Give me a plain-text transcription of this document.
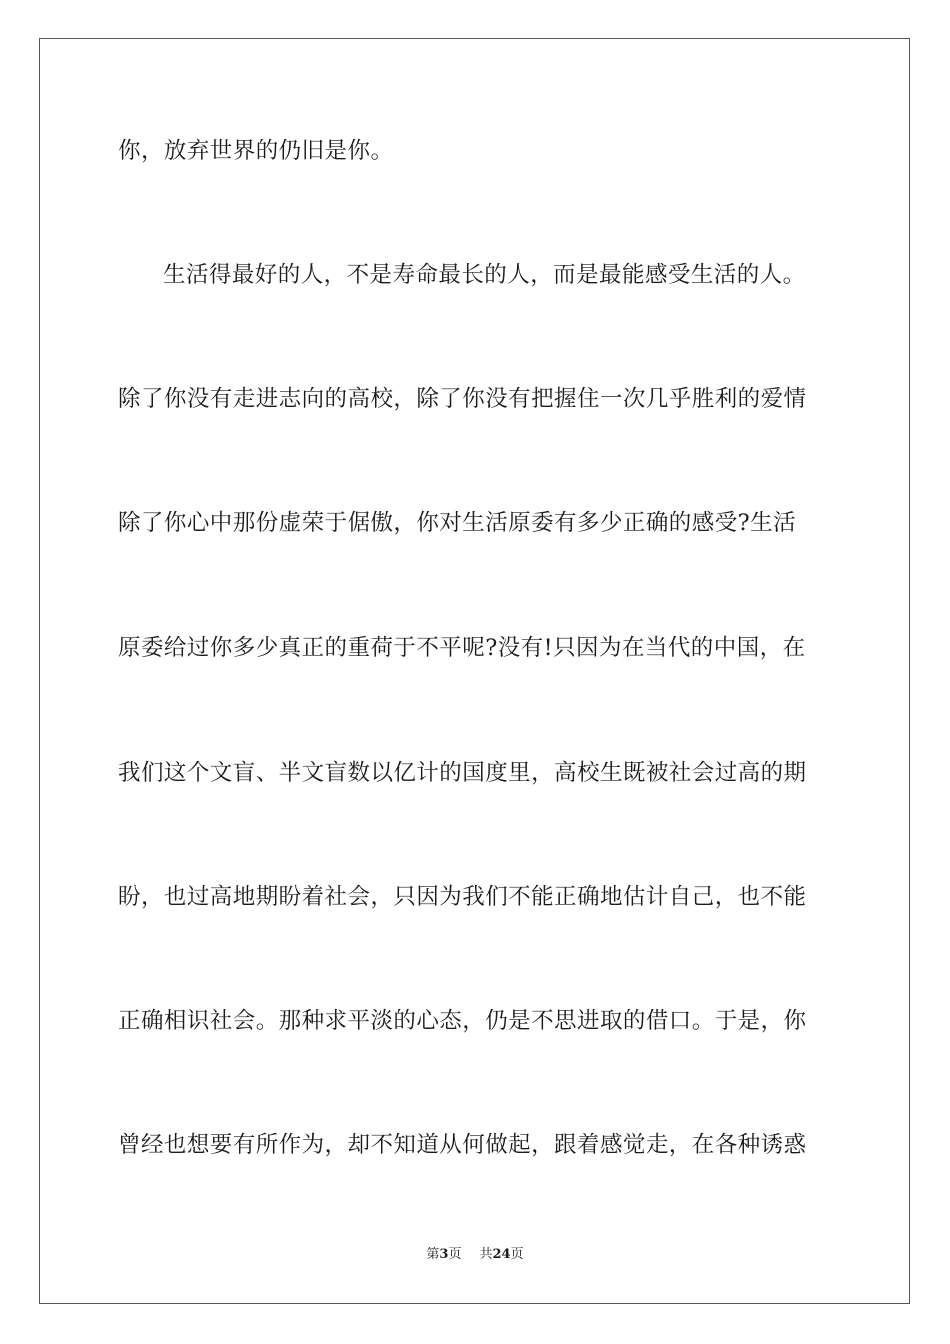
你，放弃世界的仍旧是你。

生活得最好的人，不是寿命最长的人，而是最能感受生活的人。

除了你没有走进志向的高校，除了你没有把握住一次几乎胜利的爱情

除了你心中那份虚荣于倨傲，你对生活原委有多少正确的感受?生活

原委给过你多少真正的重荷于不平呢?没有!只因为在当代的中国，在

我们这个文盲、半文盲数以亿计的国度里，高校生既被社会过高的期

盼，也过高地期盼着社会，只因为我们不能正确地估计自己，也不能

正确相识社会。那种求平淡的心态，仍是不思进取的借口。于是，你

曾经也想要有所作为，却不知道从何做起，跟着感觉走，在各种诱惑

第3页 共24页
